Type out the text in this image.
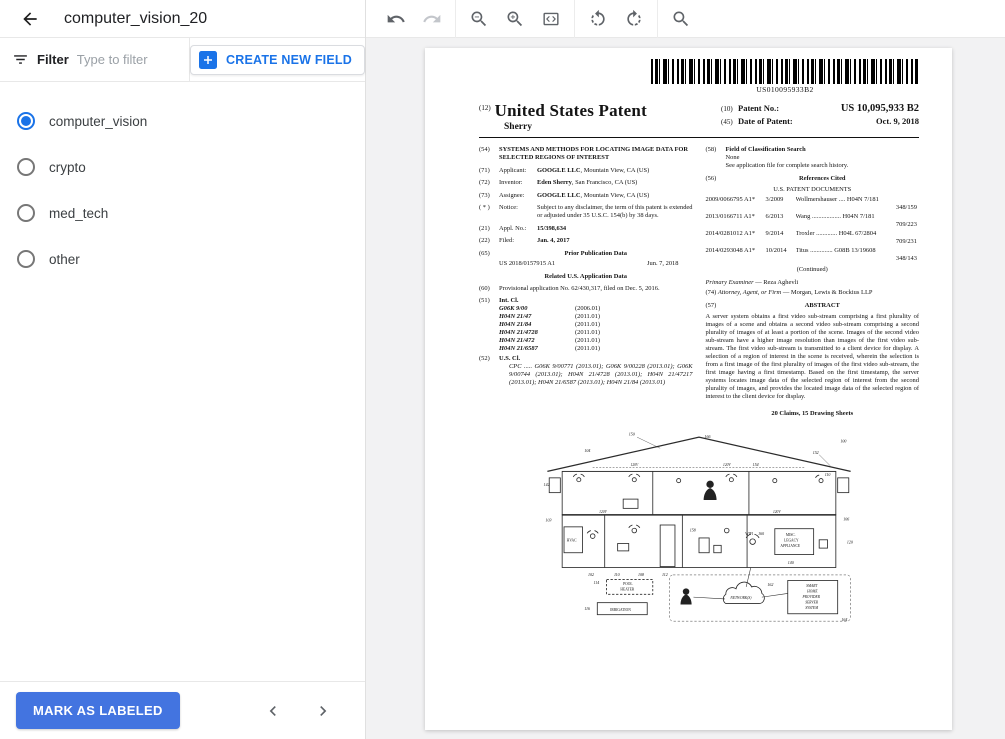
computer_vision_20
Filter
Type to filter	CREATE NEW FIELD
computer_vision
crypto
med_tech
other
MARK AS LABELED
US010095933B2
$^{(12)}$ United States Patent
Sherry
(10) Patent No.:	US 10,095,933 B2
(45) Date of Patent:	Oct. 9, 2018
(54)	SYSTEMS AND METHODS FOR LOCATING IMAGE DATA FOR SELECTED REGIONS OF INTEREST
(71)	Applicant:	GOOGLE LLC, Mountain View, CA (US)
(72)	Inventor:	Eden Sherry, San Francisco, CA (US)
(73)	Assignee:	GOOGLE LLC, Mountain View, CA (US)
( * )	Notice:	Subject to any disclaimer, the term of this patent is extended or adjusted under 35 U.S.C. 154(b) by 38 days.
(21)	Appl. No.:	15/398,634
(22)	Filed:	Jan. 4, 2017
(65)	Prior Publication Data
US 2018/0157915 A1	Jun. 7, 2018
Related U.S. Application Data
(60)	Provisional application No. 62/430,317, filed on Dec. 5, 2016.
(51)	Int. Cl.
G06K 9/00	(2006.01)
H04N 21/47	(2011.01)
H04N 21/84	(2011.01)
H04N 21/4728	(2011.01)
H04N 21/472	(2011.01)
H04N 21/6587	(2011.01)
(52)	U.S. Cl.
CPC ..... G06K 9/00771 (2013.01); G06K 9/00228 (2013.01); G06K 9/00744 (2013.01); H04N 21/4728 (2013.01); H04N 21/47217 (2013.01); H04N 21/6587 (2013.01); H04N 21/84 (2013.01)
(58)	Field of Classification Search
None
See application file for complete search history.
(56)	References Cited
U.S. PATENT DOCUMENTS
2009/0066795 A1*	3/2009	Wollmershauser .... H04N 7/181
348/159
2013/0166711 A1*	6/2013	Wang .................. H04N 7/181
709/223
2014/0281012 A1*	9/2014	Troxler ............. H04L 67/2804
709/231
2014/0293048 A1*	10/2014	Titus .............. G08B 13/19608
348/143
(Continued)
Primary Examiner — Reza Aghevli
(74) Attorney, Agent, or Firm — Morgan, Lewis & Bockius LLP
(57)	ABSTRACT
A server system obtains a first video sub-stream comprising a first plurality of images of a scene and obtains a second video sub-stream comprising a second plurality of images of at least a portion of the scene. Images of the second video sub-stream have a higher image resolution than images of the first video sub-stream. The first video sub-stream is transmitted to a client device for display. A selection of a region of interest in the scene is received, wherein the selection is from a first image of the first plurality of images of the first video sub-stream, the first image having a first timestamp. Based on the first timestamp, the server systems locates image data of the selected region of interest from the second plurality of images, and provides the located image data of the selected region of interest to the client device for display.
20 Claims, 15 Drawing Sheets
150
166
100
104	152
120V	120V
120V	120V
154
110
142
103
HVAC
102	110	108	112
158
WIFI 160	MISC.
LEGACY
APPLIANCE
140
106
120
114	POOL
HEATER
116	IRRIGATION
NETWORK(S)
162	SMART
HOME
PROVIDER
SERVER
SYSTEM
164
